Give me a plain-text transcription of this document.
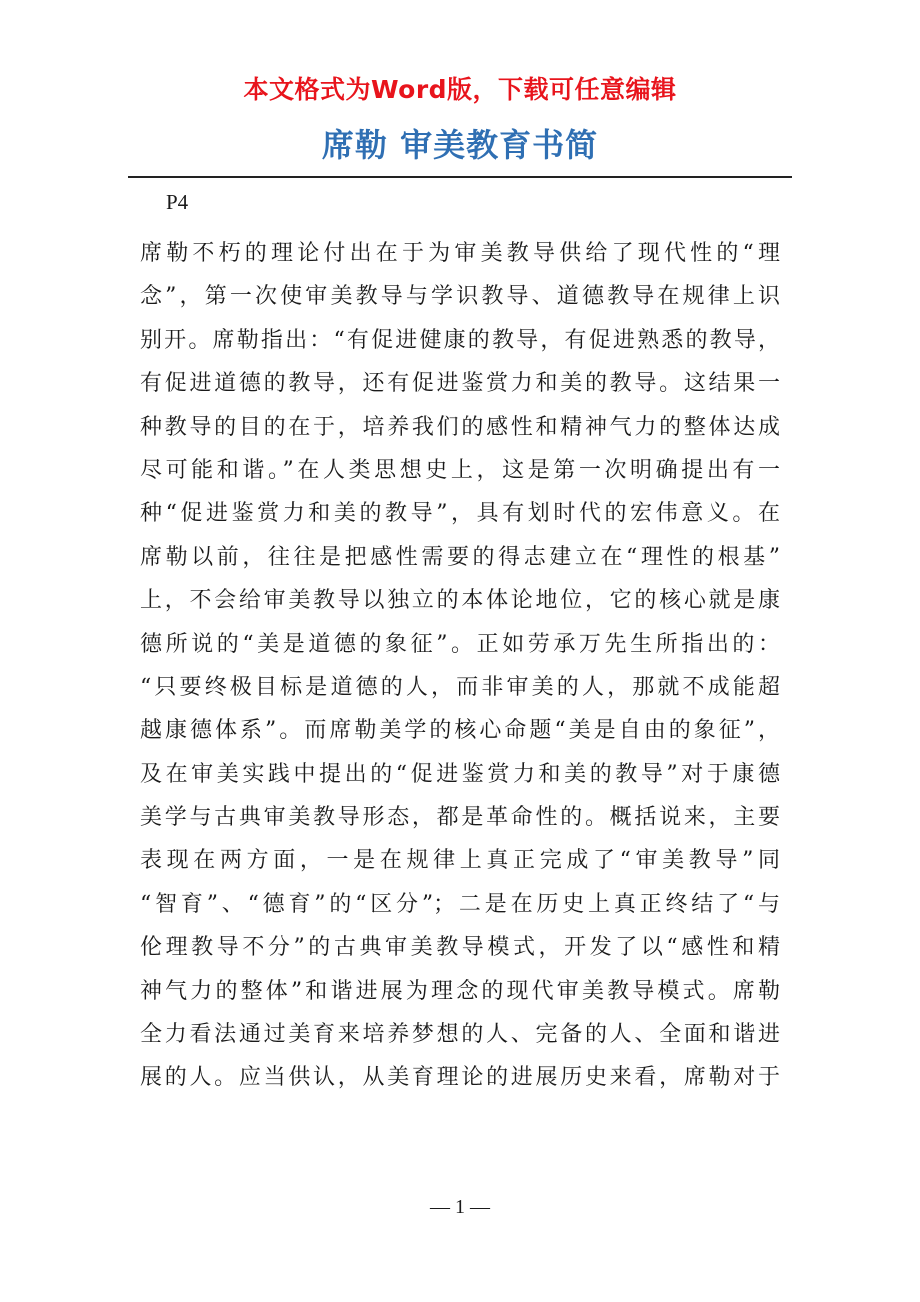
本文格式为Word版，下载可任意编辑
席勒 审美教育书简
P4
席勒不朽的理论付出在于为审美教导供给了现代性的“理
念”，第一次使审美教导与学识教导、道德教导在规律上识
别开。席勒指出：“有促进健康的教导，有促进熟悉的教导，
有促进道德的教导，还有促进鉴赏力和美的教导。这结果一
种教导的目的在于，培养我们的感性和精神气力的整体达成
尽可能和谐。”在人类思想史上，这是第一次明确提出有一
种“促进鉴赏力和美的教导”，具有划时代的宏伟意义。在
席勒以前，往往是把感性需要的得志建立在“理性的根基”
上，不会给审美教导以独立的本体论地位，它的核心就是康
德所说的“美是道德的象征”。正如劳承万先生所指出的：
“只要终极目标是道德的人，而非审美的人，那就不成能超
越康德体系”。而席勒美学的核心命题“美是自由的象征”，
及在审美实践中提出的“促进鉴赏力和美的教导”对于康德
美学与古典审美教导形态，都是革命性的。概括说来，主要
表现在两方面，一是在规律上真正完成了“审美教导”同
“智育”、“德育”的“区分”；二是在历史上真正终结了“与
伦理教导不分”的古典审美教导模式，开发了以“感性和精
神气力的整体”和谐进展为理念的现代审美教导模式。席勒
全力看法通过美育来培养梦想的人、完备的人、全面和谐进
展的人。应当供认，从美育理论的进展历史来看，席勒对于
— 1 —
